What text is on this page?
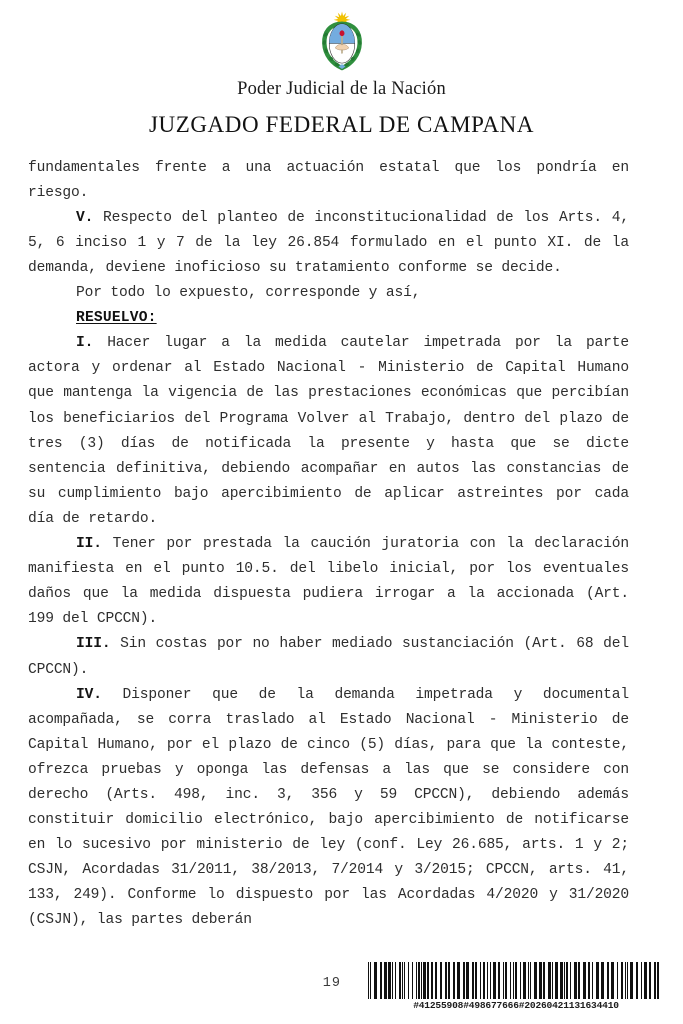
Poder Judicial de la Nación
JUZGADO FEDERAL DE CAMPANA

fundamentales frente a una actuación estatal que los pondría en riesgo.

V. Respecto del planteo de inconstitucionalidad de los Arts. 4, 5, 6 inciso 1 y 7 de la ley 26.854 formulado en el punto XI. de la demanda, deviene inoficioso su tratamiento conforme se decide.

Por todo lo expuesto, corresponde y así,

RESUELVO:

I. Hacer lugar a la medida cautelar impetrada por la parte actora y ordenar al Estado Nacional - Ministerio de Capital Humano que mantenga la vigencia de las prestaciones económicas que percibían los beneficiarios del Programa Volver al Trabajo, dentro del plazo de tres (3) días de notificada la presente y hasta que se dicte sentencia definitiva, debiendo acompañar en autos las constancias de su cumplimiento bajo apercibimiento de aplicar astreintes por cada día de retardo.

II. Tener por prestada la caución juratoria con la declaración manifiesta en el punto 10.5. del libelo inicial, por los eventuales daños que la medida dispuesta pudiera irrogar a la accionada (Art. 199 del CPCCN).

III. Sin costas por no haber mediado sustanciación (Art. 68 del CPCCN).

IV. Disponer que de la demanda impetrada y documental acompañada, se corra traslado al Estado Nacional - Ministerio de Capital Humano, por el plazo de cinco (5) días, para que la conteste, ofrezca pruebas y oponga las defensas a las que se considere con derecho (Arts. 498, inc. 3, 356 y 59 CPCCN), debiendo además constituir domicilio electrónico, bajo apercibimiento de notificarse en lo sucesivo por ministerio de ley (conf. Ley 26.685, arts. 1 y 2; CSJN, Acordadas 31/2011, 38/2013, 7/2014 y 3/2015; CPCCN, arts. 41, 133, 249). Conforme lo dispuesto por las Acordadas 4/2020 y 31/2020 (CSJN), las partes deberán

19
#41255908#498677666#20260421131634410
